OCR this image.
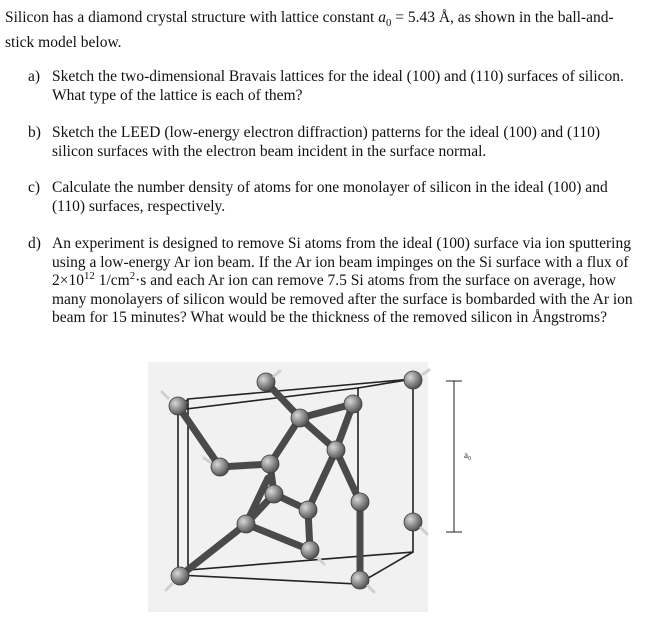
Silicon has a diamond crystal structure with lattice constant $a_0 = 5.43$ Å, as shown in the ball-and-stick model below.
a) Sketch the two-dimensional Bravais lattices for the ideal (100) and (110) surfaces of silicon. What type of the lattice is each of them?
b) Sketch the LEED (low-energy electron diffraction) patterns for the ideal (100) and (110) silicon surfaces with the electron beam incident in the surface normal.
c) Calculate the number density of atoms for one monolayer of silicon in the ideal (100) and (110) surfaces, respectively.
d) An experiment is designed to remove Si atoms from the ideal (100) surface via ion sputtering using a low-energy Ar ion beam. If the Ar ion beam impinges on the Si surface with a flux of $2\times 10^{12}$ $1/cm^2\cdot s$ and each Ar ion can remove 7.5 Si atoms from the surface on average, how many monolayers of silicon would be removed after the surface is bombarded with the Ar ion beam for 15 minutes? What would be the thickness of the removed silicon in Ångstroms?
a₀
